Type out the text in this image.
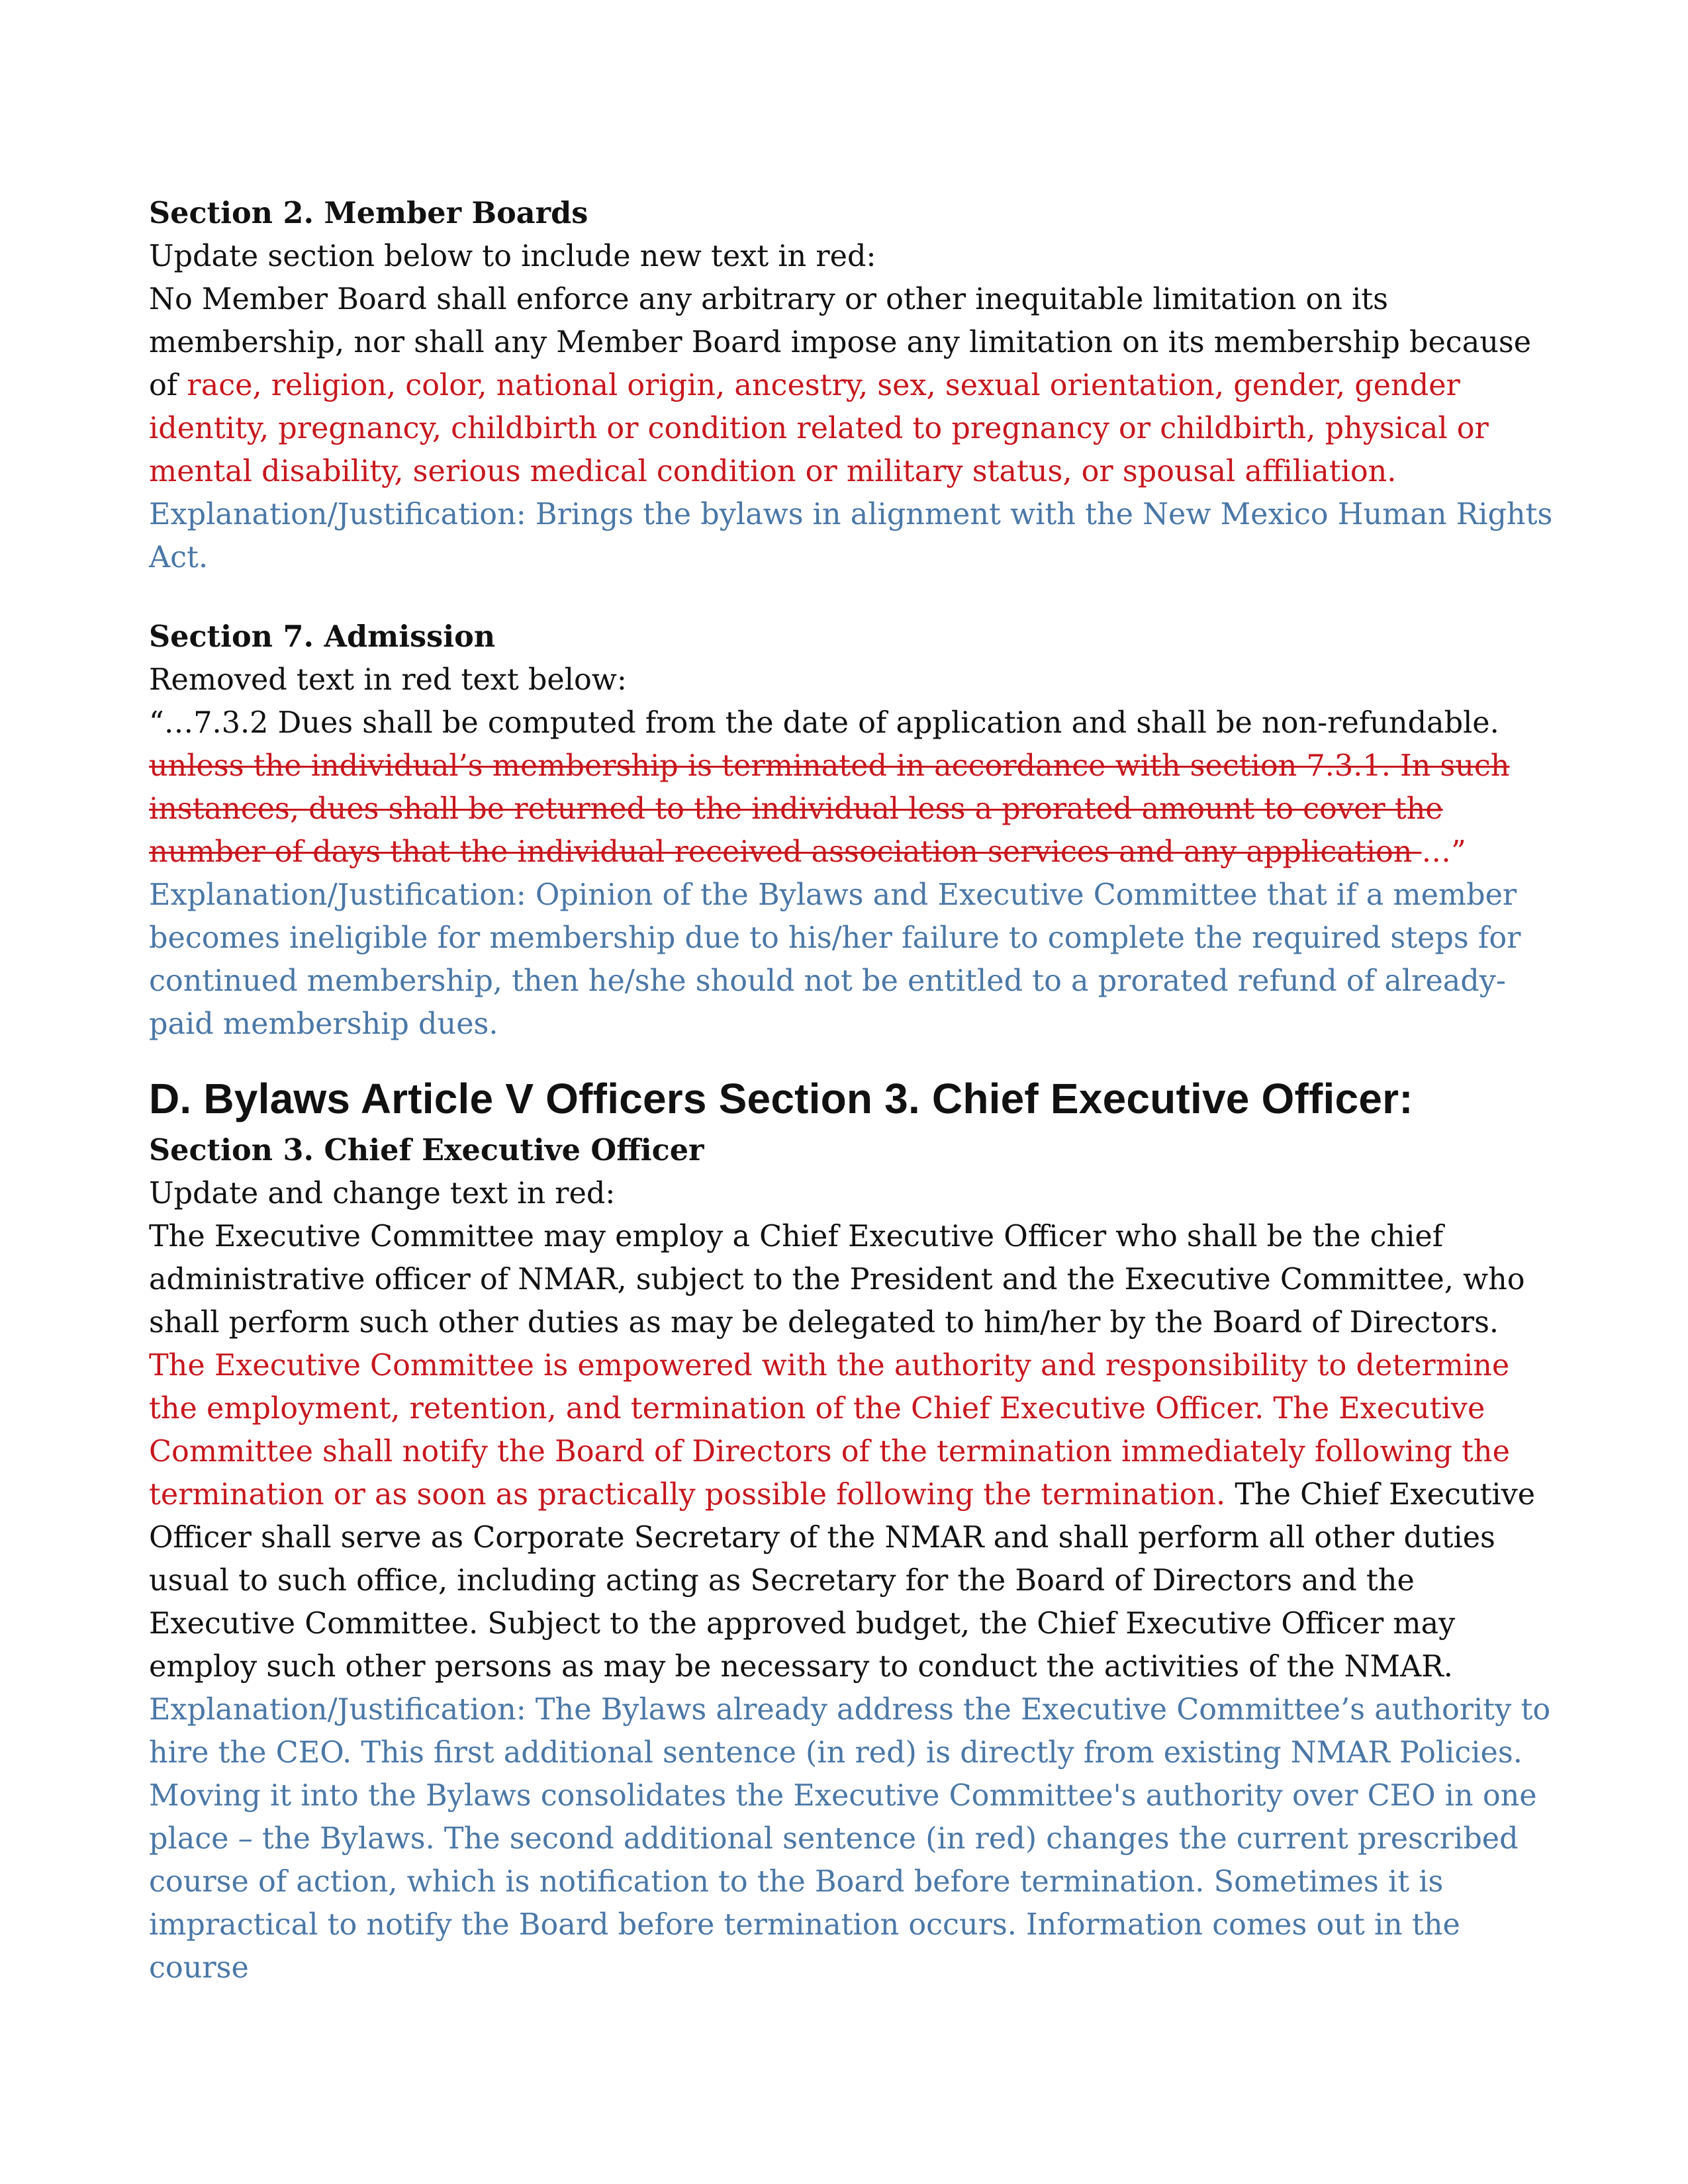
Section 2. Member Boards

Update section below to include new text in red:

No Member Board shall enforce any arbitrary or other inequitable limitation on its membership, nor shall any Member Board impose any limitation on its membership because of race, religion, color, national origin, ancestry, sex, sexual orientation, gender, gender identity, pregnancy, childbirth or condition related to pregnancy or childbirth, physical or mental disability, serious medical condition or military status, or spousal affiliation.

Explanation/Justification: Brings the bylaws in alignment with the New Mexico Human Rights Act.

Section 7. Admission

Removed text in red text below:

“…7.3.2 Dues shall be computed from the date of application and shall be non-refundable.

unless the individual’s membership is terminated in accordance with section 7.3.1. In such instances, dues shall be returned to the individual less a prorated amount to cover the number of days that the individual received association services and any application …”

Explanation/Justification: Opinion of the Bylaws and Executive Committee that if a member becomes ineligible for membership due to his/her failure to complete the required steps for continued membership, then he/she should not be entitled to a prorated refund of already-paid membership dues.

D. Bylaws Article V Officers Section 3. Chief Executive Officer:

Section 3. Chief Executive Officer

Update and change text in red:

The Executive Committee may employ a Chief Executive Officer who shall be the chief administrative officer of NMAR, subject to the President and the Executive Committee, who shall perform such other duties as may be delegated to him/her by the Board of Directors. The Executive Committee is empowered with the authority and responsibility to determine the employment, retention, and termination of the Chief Executive Officer. The Executive Committee shall notify the Board of Directors of the termination immediately following the termination or as soon as practically possible following the termination. The Chief Executive Officer shall serve as Corporate Secretary of the NMAR and shall perform all other duties usual to such office, including acting as Secretary for the Board of Directors and the Executive Committee. Subject to the approved budget, the Chief Executive Officer may employ such other persons as may be necessary to conduct the activities of the NMAR.

Explanation/Justification: The Bylaws already address the Executive Committee’s authority to hire the CEO. This first additional sentence (in red) is directly from existing NMAR Policies. Moving it into the Bylaws consolidates the Executive Committee's authority over CEO in one place – the Bylaws. The second additional sentence (in red) changes the current prescribed course of action, which is notification to the Board before termination. Sometimes it is impractical to notify the Board before termination occurs. Information comes out in the course
